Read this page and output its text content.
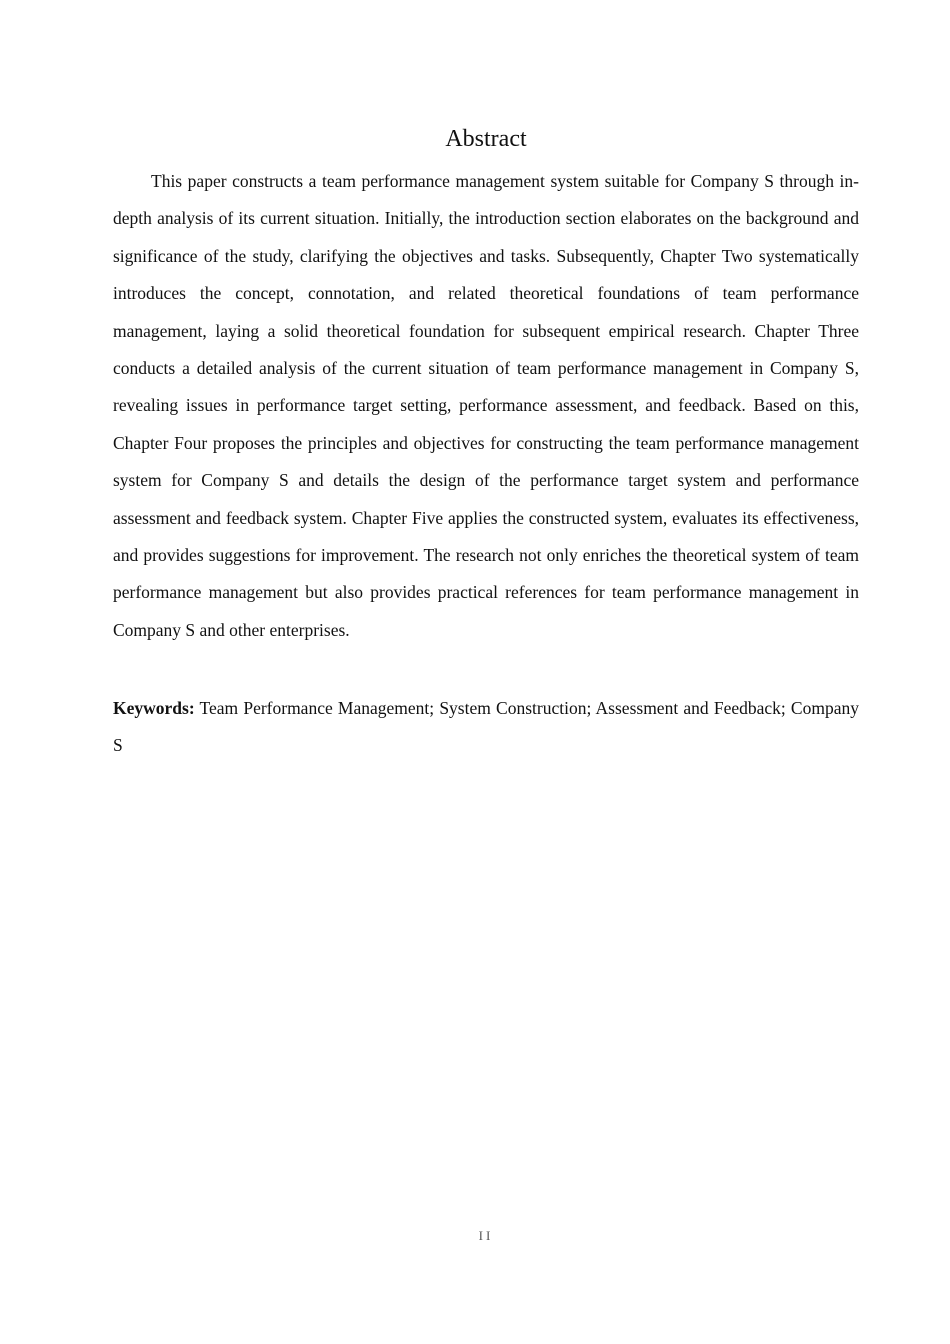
Abstract

This paper constructs a team performance management system suitable for Company S through in-depth analysis of its current situation. Initially, the introduction section elaborates on the background and significance of the study, clarifying the objectives and tasks. Subsequently, Chapter Two systematically introduces the concept, connotation, and related theoretical foundations of team performance management, laying a solid theoretical foundation for subsequent empirical research. Chapter Three conducts a detailed analysis of the current situation of team performance management in Company S, revealing issues in performance target setting, performance assessment, and feedback. Based on this, Chapter Four proposes the principles and objectives for constructing the team performance management system for Company S and details the design of the performance target system and performance assessment and feedback system. Chapter Five applies the constructed system, evaluates its effectiveness, and provides suggestions for improvement. The research not only enriches the theoretical system of team performance management but also provides practical references for team performance management in Company S and other enterprises.

Keywords: Team Performance Management; System Construction; Assessment and Feedback; Company S

II
